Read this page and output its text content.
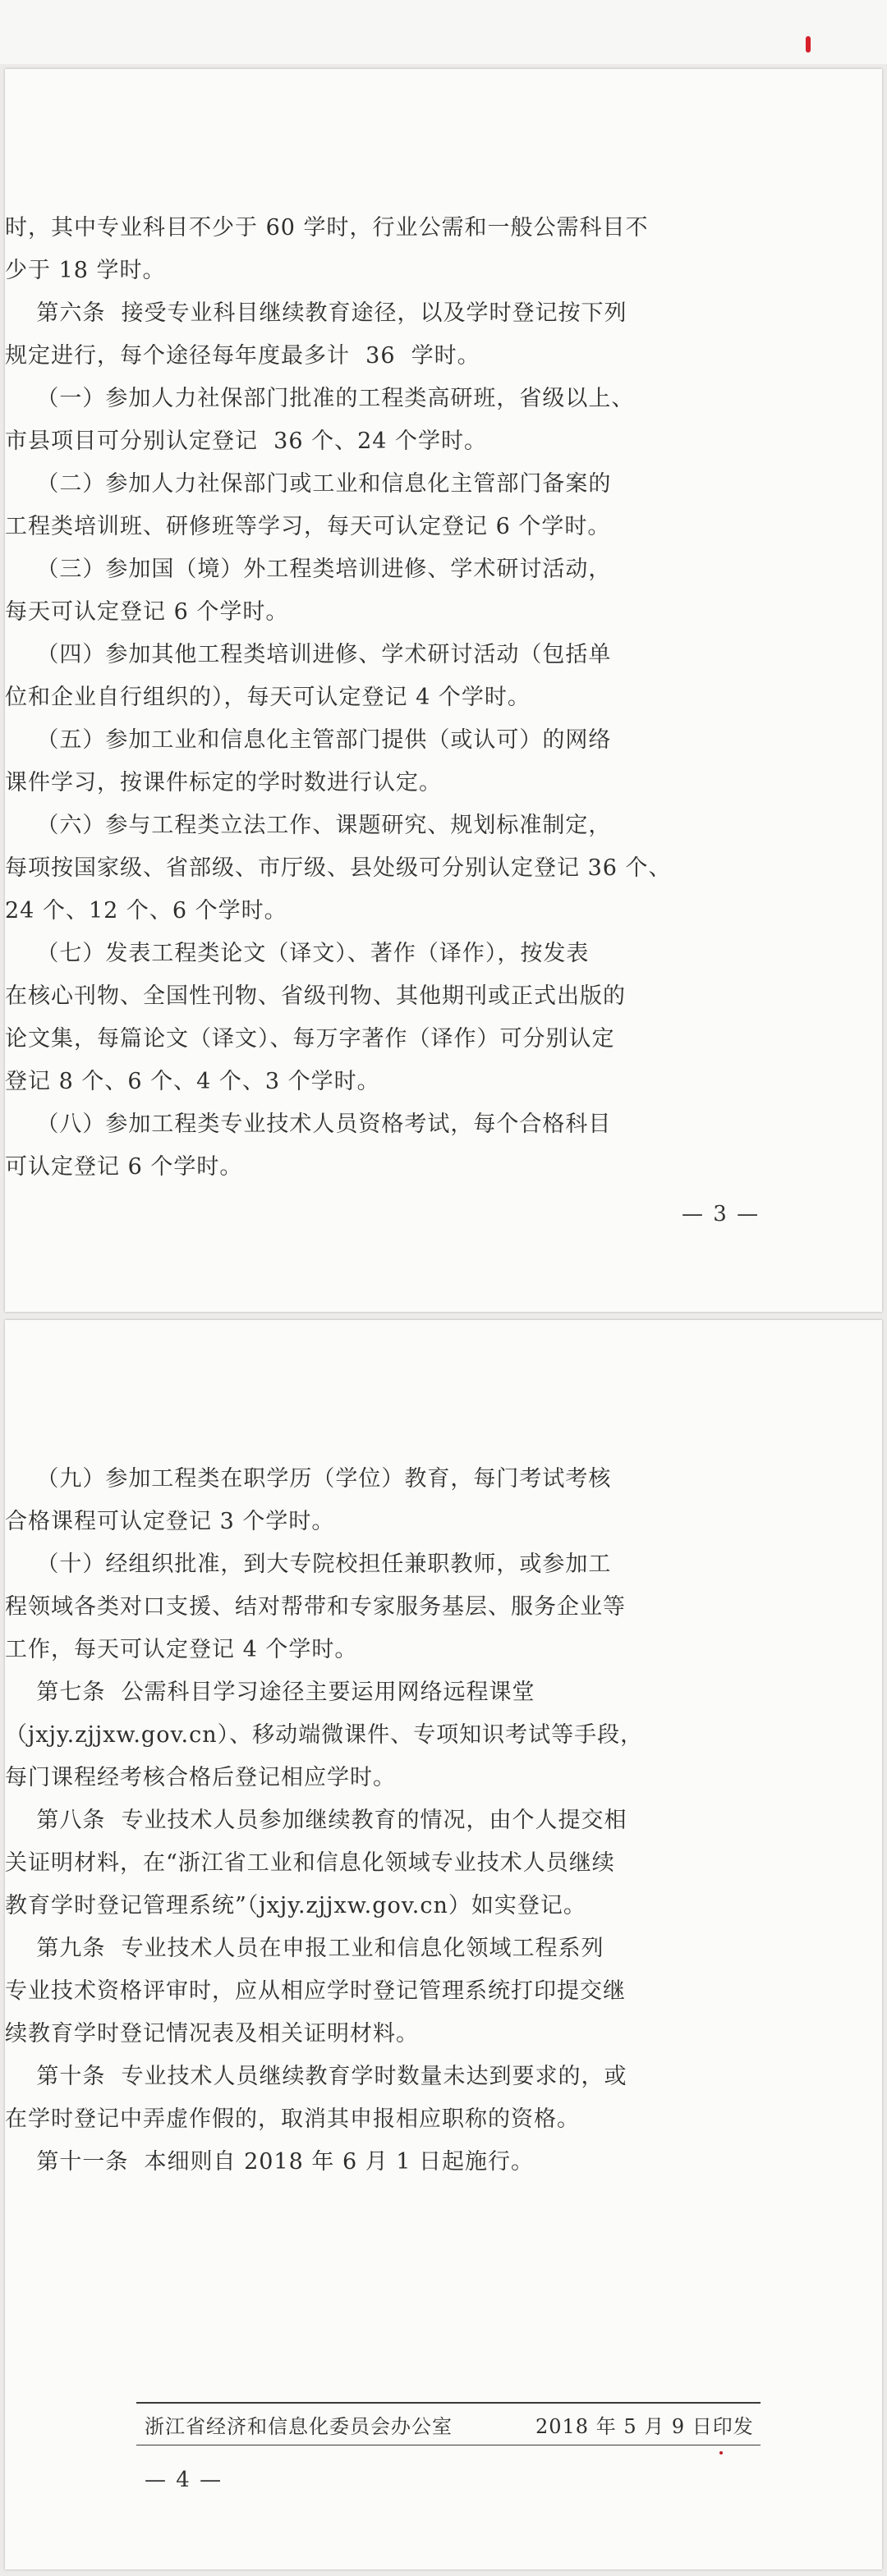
时，其中专业科目不少于 60 学时，行业公需和一般公需科目不
少于 18 学时。

第六条  接受专业科目继续教育途径，以及学时登记按下列
规定进行，每个途径每年度最多计  36  学时。

（一）参加人力社保部门批准的工程类高研班，省级以上、
市县项目可分别认定登记  36 个、24 个学时。

（二）参加人力社保部门或工业和信息化主管部门备案的
工程类培训班、研修班等学习，每天可认定登记 6 个学时。

（三）参加国（境）外工程类培训进修、学术研讨活动，
每天可认定登记 6 个学时。

（四）参加其他工程类培训进修、学术研讨活动（包括单
位和企业自行组织的），每天可认定登记 4 个学时。

（五）参加工业和信息化主管部门提供（或认可）的网络
课件学习，按课件标定的学时数进行认定。

（六）参与工程类立法工作、课题研究、规划标准制定，
每项按国家级、省部级、市厅级、县处级可分别认定登记 36 个、
24 个、12 个、6 个学时。

（七）发表工程类论文（译文）、著作（译作），按发表
在核心刊物、全国性刊物、省级刊物、其他期刊或正式出版的
论文集，每篇论文（译文）、每万字著作（译作）可分别认定
登记 8 个、6 个、4 个、3 个学时。

（八）参加工程类专业技术人员资格考试，每个合格科目
可认定登记 6 个学时。

— 3 —

（九）参加工程类在职学历（学位）教育，每门考试考核
合格课程可认定登记 3 个学时。

（十）经组织批准，到大专院校担任兼职教师，或参加工
程领域各类对口支援、结对帮带和专家服务基层、服务企业等
工作，每天可认定登记 4 个学时。

第七条  公需科目学习途径主要运用网络远程课堂
（jxjy.zjjxw.gov.cn）、移动端微课件、专项知识考试等手段，
每门课程经考核合格后登记相应学时。

第八条  专业技术人员参加继续教育的情况，由个人提交相
关证明材料，在“浙江省工业和信息化领域专业技术人员继续
教育学时登记管理系统”（jxjy.zjjxw.gov.cn）如实登记。

第九条  专业技术人员在申报工业和信息化领域工程系列
专业技术资格评审时，应从相应学时登记管理系统打印提交继
续教育学时登记情况表及相关证明材料。

第十条  专业技术人员继续教育学时数量未达到要求的，或
在学时登记中弄虚作假的，取消其申报相应职称的资格。

第十一条  本细则自 2018 年 6 月 1 日起施行。

浙江省经济和信息化委员会办公室	2018 年 5 月 9 日印发
— 4 —
